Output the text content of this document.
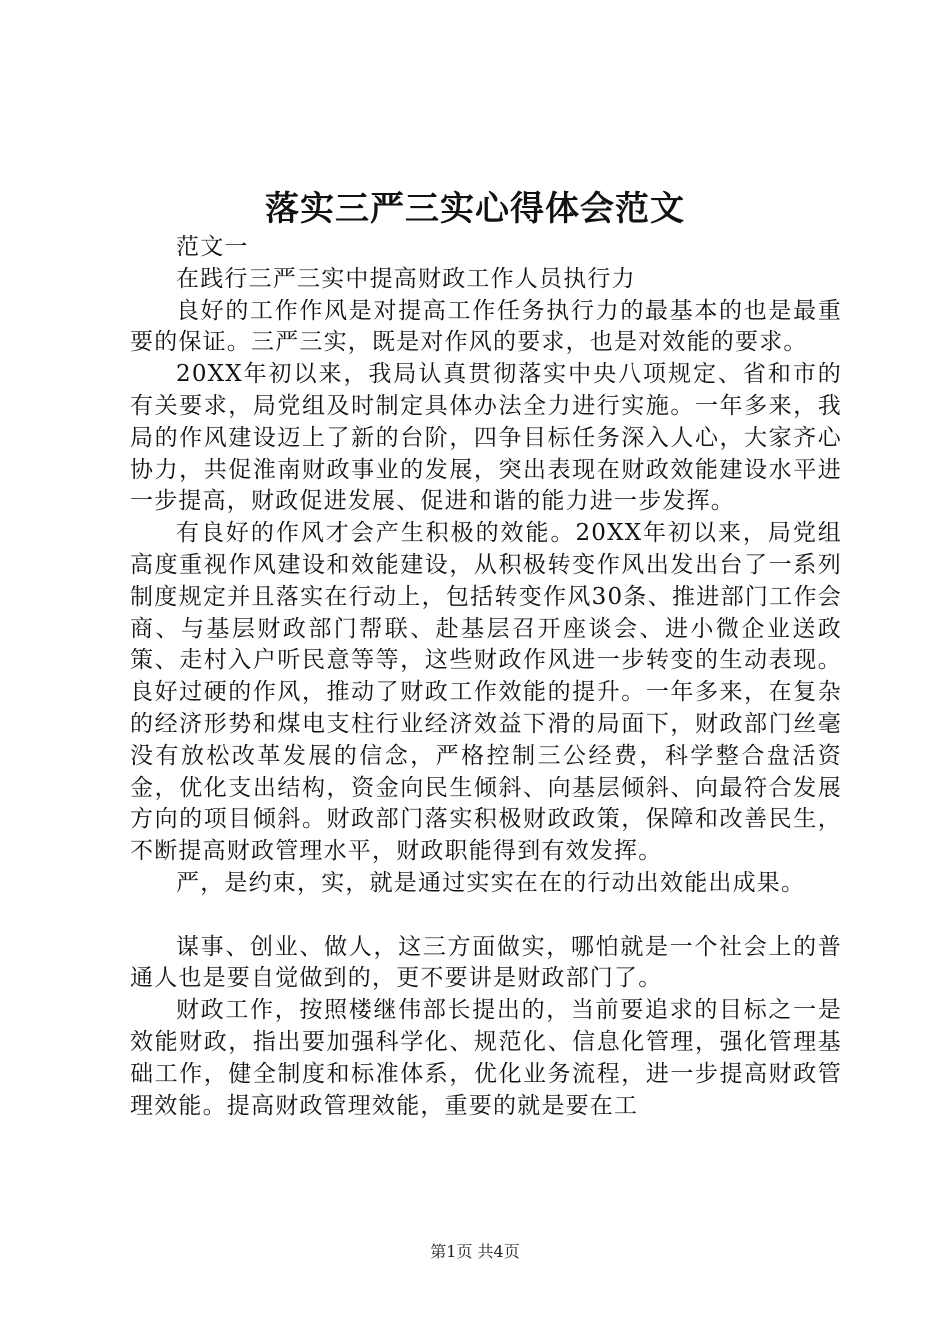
落实三严三实心得体会范文

范文一

在践行三严三实中提高财政工作人员执行力

良好的工作作风是对提高工作任务执行力的最基本的也是最重要的保证。三严三实，既是对作风的要求，也是对效能的要求。

20XX年初以来，我局认真贯彻落实中央八项规定、省和市的有关要求，局党组及时制定具体办法全力进行实施。一年多来，我局的作风建设迈上了新的台阶，四争目标任务深入人心，大家齐心协力，共促淮南财政事业的发展，突出表现在财政效能建设水平进一步提高，财政促进发展、促进和谐的能力进一步发挥。

有良好的作风才会产生积极的效能。20XX年初以来，局党组高度重视作风建设和效能建设，从积极转变作风出发出台了一系列制度规定并且落实在行动上，包括转变作风30条、推进部门工作会商、与基层财政部门帮联、赴基层召开座谈会、进小微企业送政策、走村入户听民意等等，这些财政作风进一步转变的生动表现。良好过硬的作风，推动了财政工作效能的提升。一年多来，在复杂的经济形势和煤电支柱行业经济效益下滑的局面下，财政部门丝毫没有放松改革发展的信念，严格控制三公经费，科学整合盘活资金，优化支出结构，资金向民生倾斜、向基层倾斜、向最符合发展方向的项目倾斜。财政部门落实积极财政政策，保障和改善民生，不断提高财政管理水平，财政职能得到有效发挥。

严，是约束，实，就是通过实实在在的行动出效能出成果。

谋事、创业、做人，这三方面做实，哪怕就是一个社会上的普通人也是要自觉做到的，更不要讲是财政部门了。

财政工作，按照楼继伟部长提出的，当前要追求的目标之一是效能财政，指出要加强科学化、规范化、信息化管理，强化管理基础工作，健全制度和标准体系，优化业务流程，进一步提高财政管理效能。提高财政管理效能，重要的就是要在工

第1页 共4页
